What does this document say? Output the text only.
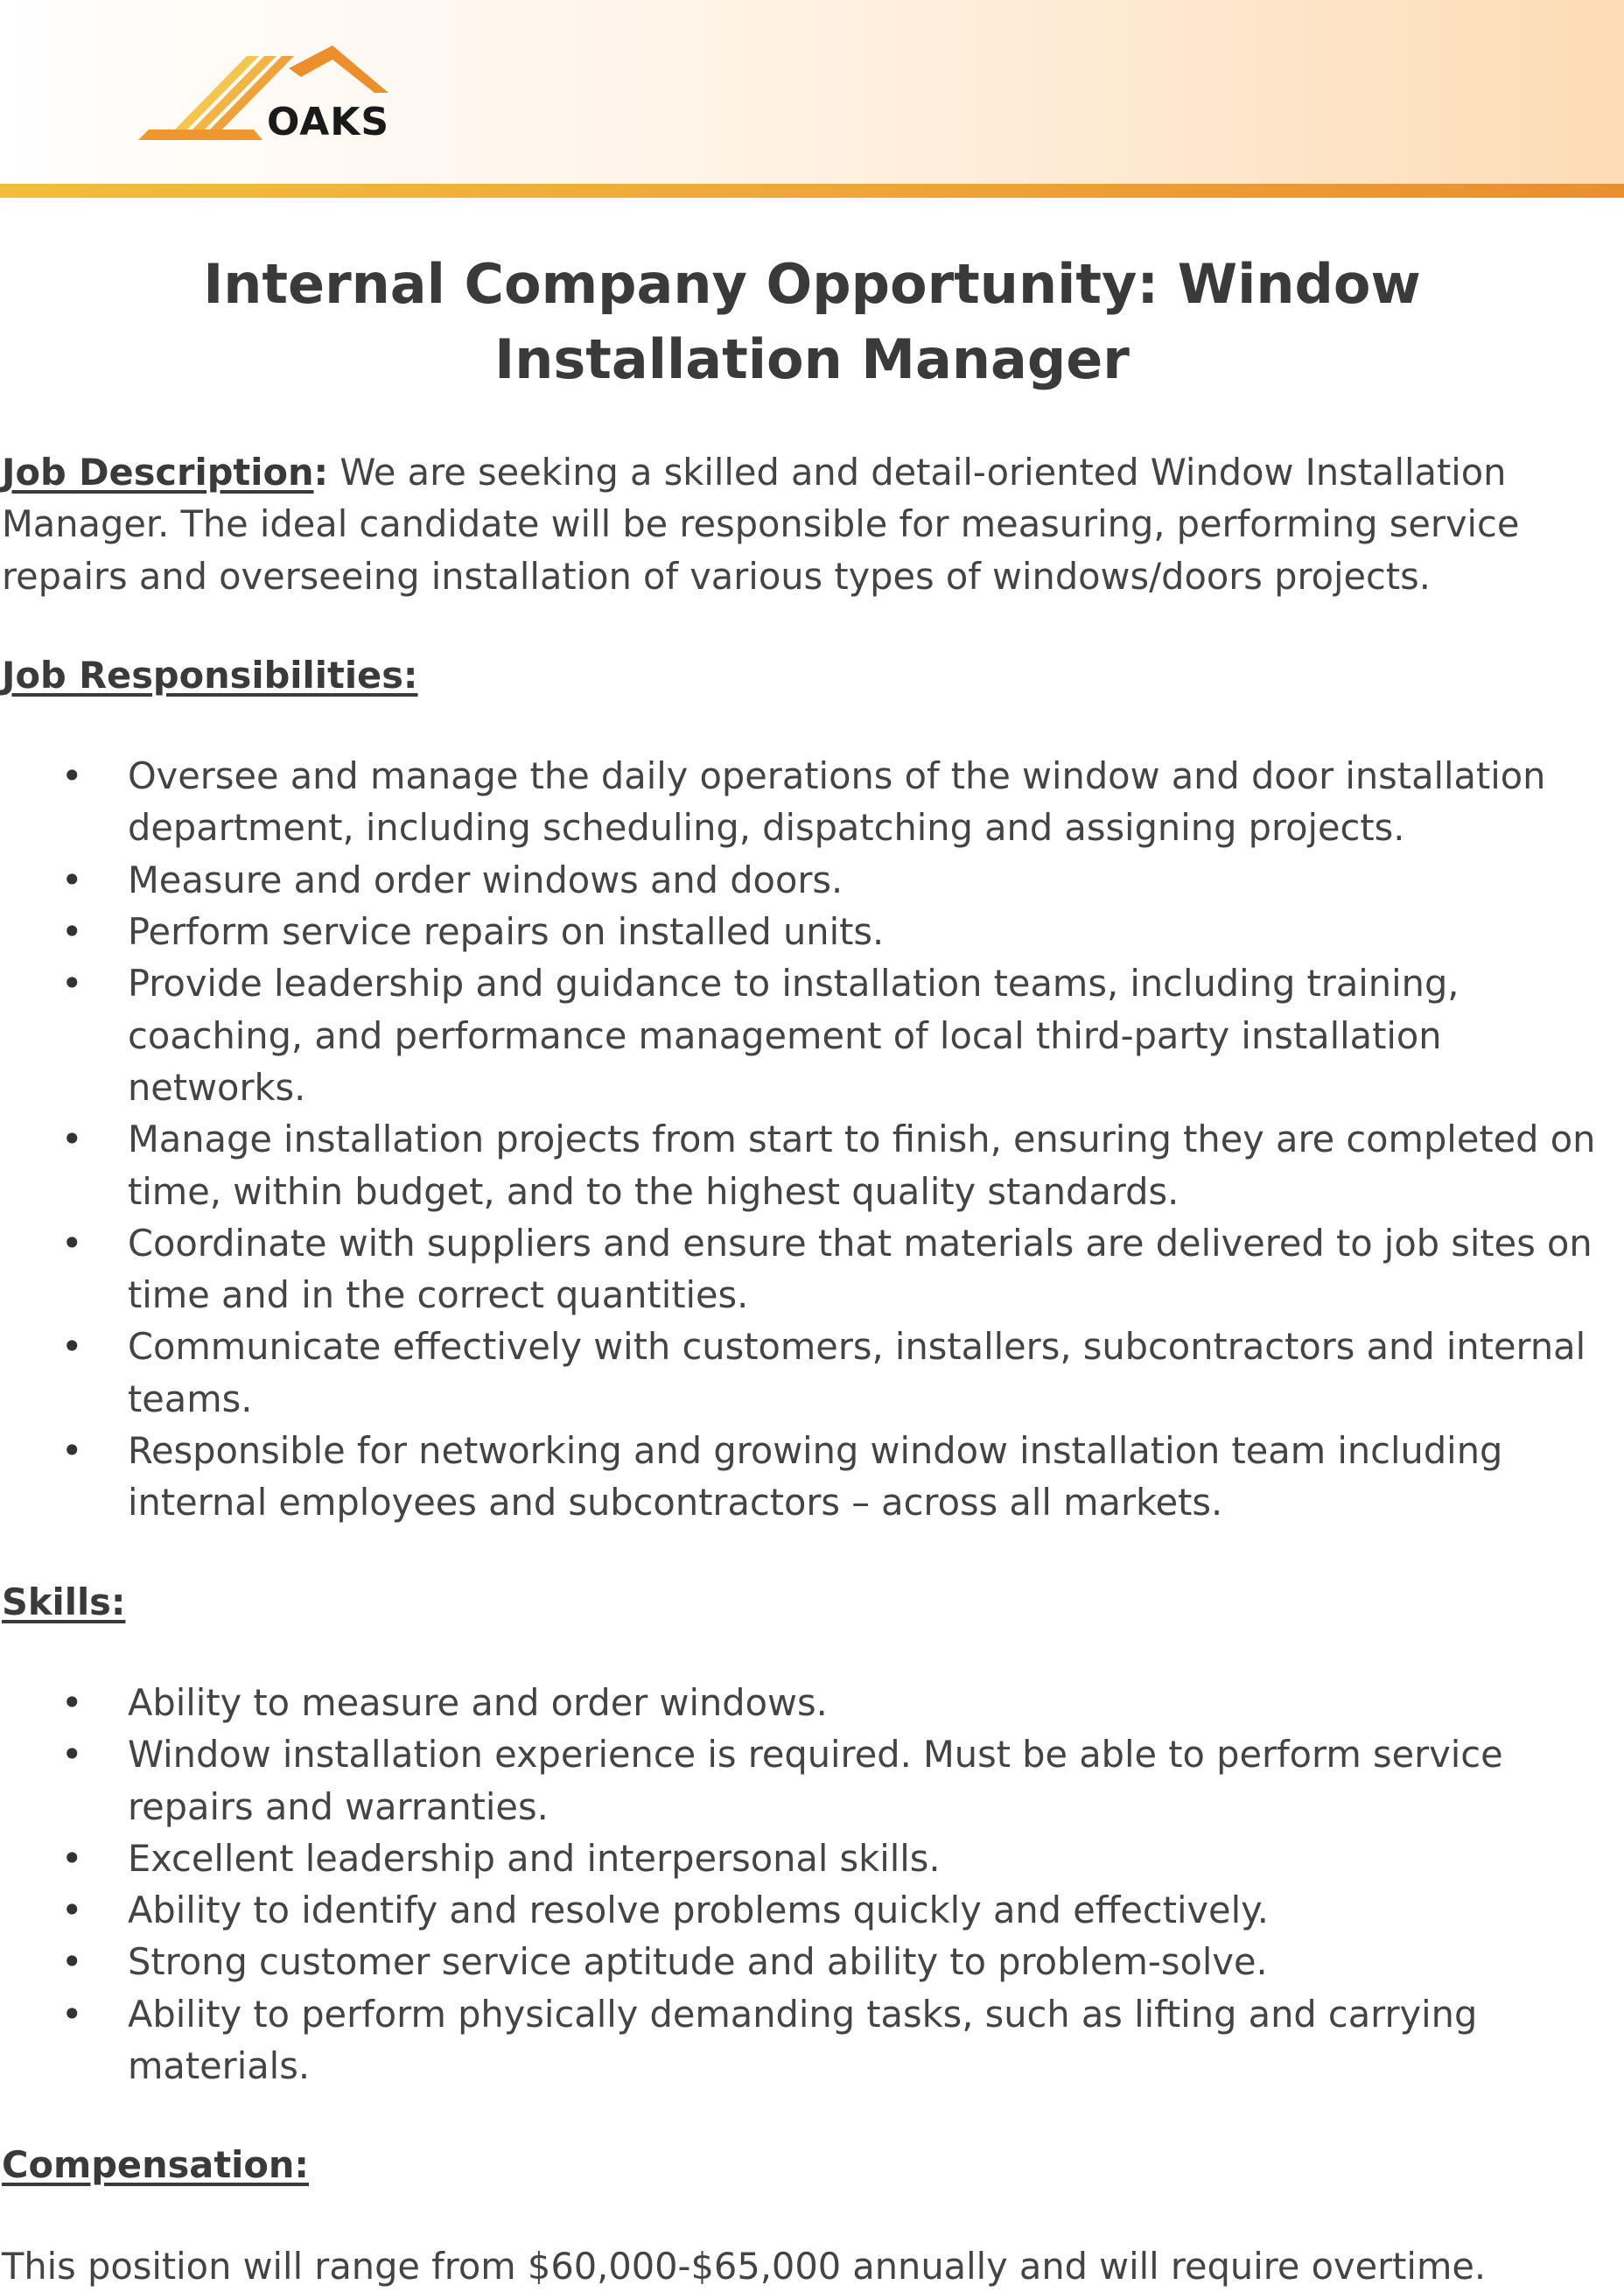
OAKS
Internal Company Opportunity: Window Installation Manager

Job Description: We are seeking a skilled and detail-oriented Window Installation Manager. The ideal candidate will be responsible for measuring, performing service repairs and overseeing installation of various types of windows/doors projects.

Job Responsibilities:

• Oversee and manage the daily operations of the window and door installation department, including scheduling, dispatching and assigning projects.
• Measure and order windows and doors.
• Perform service repairs on installed units.
• Provide leadership and guidance to installation teams, including training, coaching, and performance management of local third-party installation networks.
• Manage installation projects from start to finish, ensuring they are completed on time, within budget, and to the highest quality standards.
• Coordinate with suppliers and ensure that materials are delivered to job sites on time and in the correct quantities.
• Communicate effectively with customers, installers, subcontractors and internal teams.
• Responsible for networking and growing window installation team including internal employees and subcontractors – across all markets.

Skills:

• Ability to measure and order windows.
• Window installation experience is required. Must be able to perform service repairs and warranties.
• Excellent leadership and interpersonal skills.
• Ability to identify and resolve problems quickly and effectively.
• Strong customer service aptitude and ability to problem-solve.
• Ability to perform physically demanding tasks, such as lifting and carrying materials.

Compensation:

This position will range from $60,000-$65,000 annually and will require overtime.
